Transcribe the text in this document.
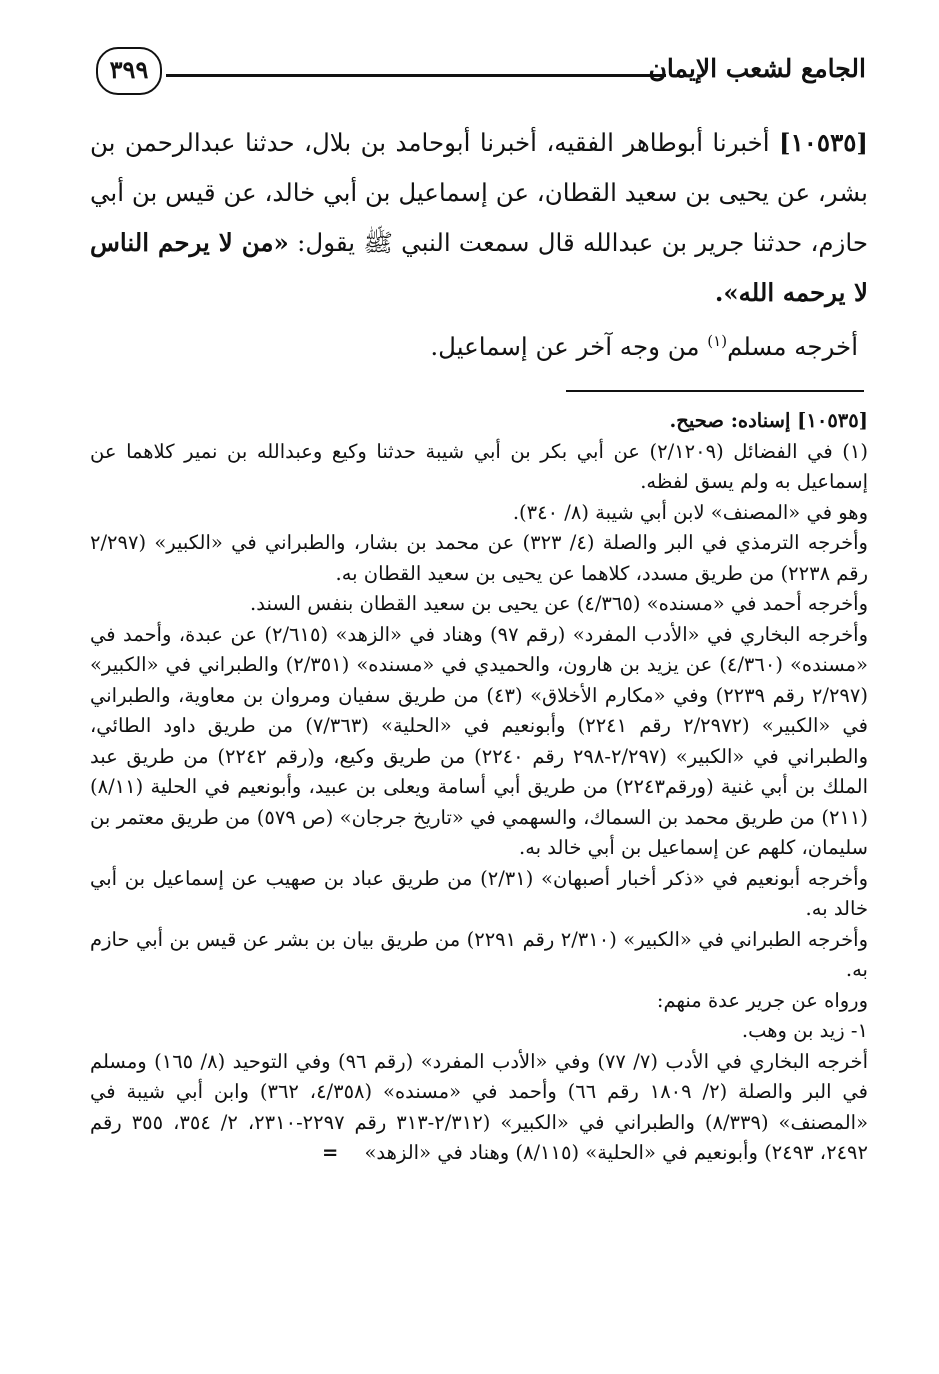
٣٩٩	الجامع لشعب الإيمان

[١٠٥٣٥] أخبرنا أبوطاهر الفقيه، أخبرنا أبوحامد بن بلال، حدثنا عبدالرحمن بن بشر، عن يحيى بن سعيد القطان، عن إسماعيل بن أبي خالد، عن قيس بن أبي حازم، حدثنا جرير بن عبدالله قال سمعت النبي ﷺ يقول: «من لا يرحم الناس لا يرحمه الله».

أخرجه مسلم$^{(١)}$ من وجه آخر عن إسماعيل.

[١٠٥٣٥] إسناده: صحيح.

(١) في الفضائل (٢/١٢٠٩) عن أبي بكر بن أبي شيبة حدثنا وكيع وعبدالله بن نمير كلاهما عن إسماعيل به ولم يسق لفظه.

وهو في «المصنف» لابن أبي شيبة (٨/ ٣٤٠).

وأخرجه الترمذي في البر والصلة (٤/ ٣٢٣) عن محمد بن بشار، والطبراني في «الكبير» (٢/٢٩٧ رقم ٢٢٣٨) من طريق مسدد، كلاهما عن يحيى بن سعيد القطان به.

وأخرجه أحمد في «مسنده» (٤/٣٦٥) عن يحيى بن سعيد القطان بنفس السند.

وأخرجه البخاري في «الأدب المفرد» (رقم ٩٧) وهناد في «الزهد» (٢/٦١٥) عن عبدة، وأحمد في «مسنده» (٤/٣٦٠) عن يزيد بن هارون، والحميدي في «مسنده» (٢/٣٥١) والطبراني في «الكبير» (٢/٢٩٧ رقم ٢٢٣٩) وفي «مكارم الأخلاق» (٤٣) من طريق سفيان ومروان بن معاوية، والطبراني في «الكبير» (٢/٢٩٧٢ رقم ٢٢٤١) وأبونعيم في «الحلية» (٧/٣٦٣) من طريق داود الطائي، والطبراني في «الكبير» (٢/٢٩٧-٢٩٨ رقم ٢٢٤٠) من طريق وكيع، و(رقم ٢٢٤٢) من طريق عبد الملك بن أبي غنية (ورقم٢٢٤٣) من طريق أبي أسامة ويعلى بن عبيد، وأبونعيم في الحلية (٨/١١) (٢١١) من طريق محمد بن السماك، والسهمي في «تاريخ جرجان» (ص ٥٧٩) من طريق معتمر بن سليمان، كلهم عن إسماعيل بن أبي خالد به.

وأخرجه أبونعيم في «ذكر أخبار أصبهان» (٢/٣١) من طريق عباد بن صهيب عن إسماعيل بن أبي خالد به.

وأخرجه الطبراني في «الكبير» (٢/٣١٠ رقم ٢٢٩١) من طريق بيان بن بشر عن قيس بن أبي حازم به.

ورواه عن جرير عدة منهم:

١- زيد بن وهب.

أخرجه البخاري في الأدب (٧/ ٧٧) وفي «الأدب المفرد» (رقم ٩٦) وفي التوحيد (٨/ ١٦٥) ومسلم في البر والصلة (٢/ ١٨٠٩ رقم ٦٦) وأحمد في «مسنده» (٤/٣٥٨، ٣٦٢) وابن أبي شيبة في «المصنف» (٨/٣٣٩) والطبراني في «الكبير» (٢/٣١٢-٣١٣ رقم ٢٢٩٧-٢٣١٠، ٢/ ٣٥٤، ٣٥٥ رقم ٢٤٩٢، ٢٤٩٣) وأبونعيم في «الحلية» (٨/١١٥) وهناد في «الزهد» =
